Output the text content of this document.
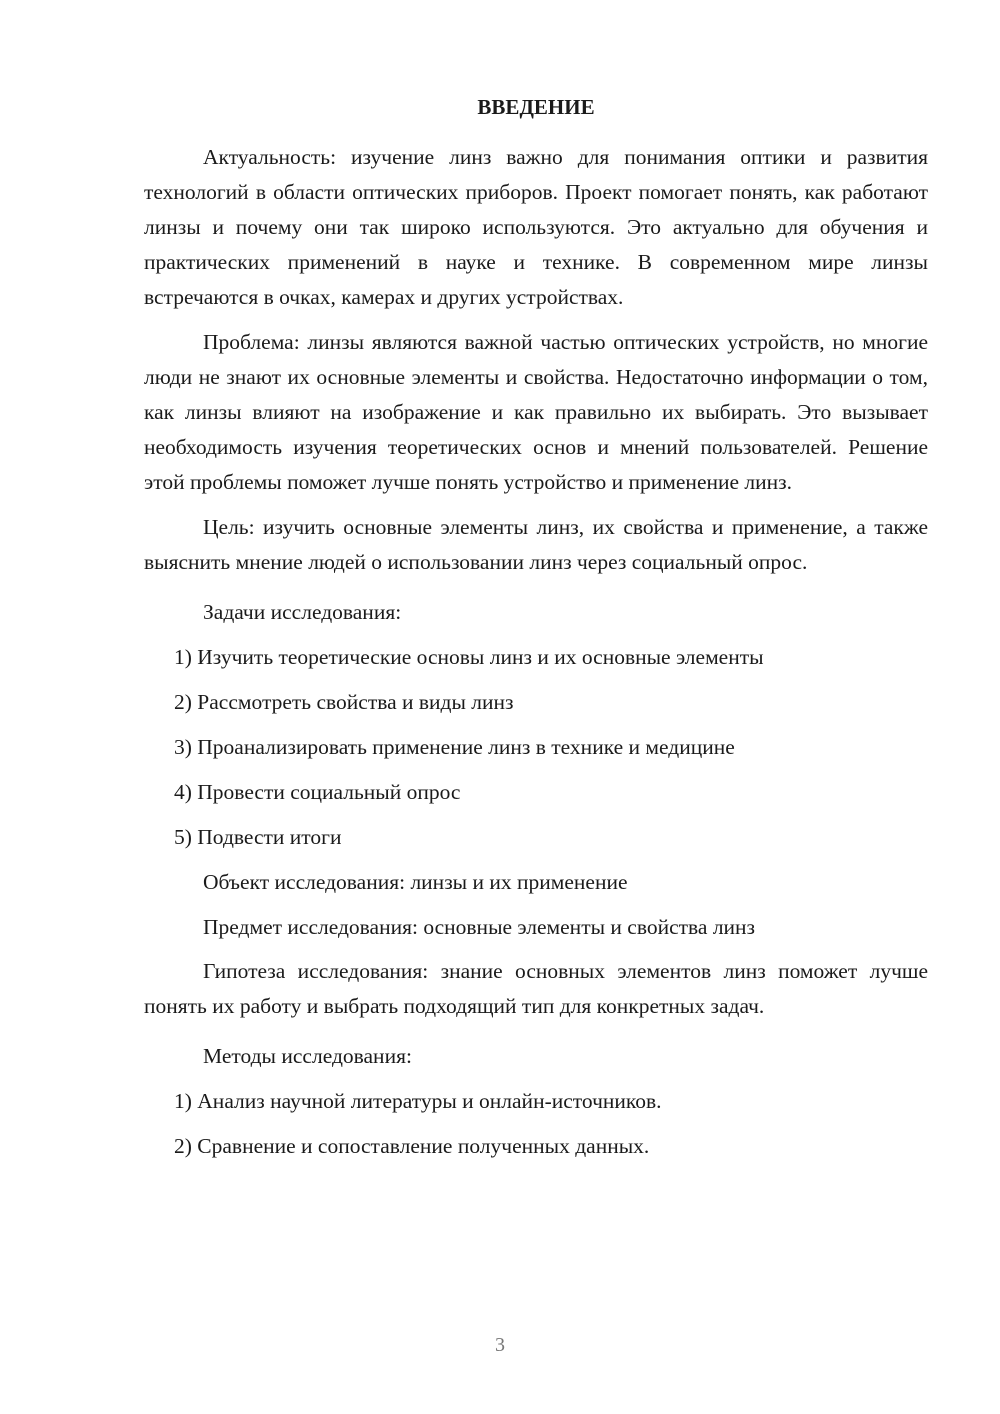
ВВЕДЕНИЕ

Актуальность: изучение линз важно для понимания оптики и развития технологий в области оптических приборов. Проект помогает понять, как работают линзы и почему они так широко используются. Это актуально для обучения и практических применений в науке и технике. В современном мире линзы встречаются в очках, камерах и других устройствах.

Проблема: линзы являются важной частью оптических устройств, но многие люди не знают их основные элементы и свойства. Недостаточно информации о том, как линзы влияют на изображение и как правильно их выбирать. Это вызывает необходимость изучения теоретических основ и мнений пользователей. Решение этой проблемы поможет лучше понять устройство и применение линз.

Цель: изучить основные элементы линз, их свойства и применение, а также выяснить мнение людей о использовании линз через социальный опрос.

Задачи исследования:
1) Изучить теоретические основы линз и их основные элементы
2) Рассмотреть свойства и виды линз
3) Проанализировать применение линз в технике и медицине
4) Провести социальный опрос
5) Подвести итоги
Объект исследования: линзы и их применение
Предмет исследования: основные элементы и свойства линз

Гипотеза исследования: знание основных элементов линз поможет лучше понять их работу и выбрать подходящий тип для конкретных задач.

Методы исследования:
1) Анализ научной литературы и онлайн-источников.
2) Сравнение и сопоставление полученных данных.
3
